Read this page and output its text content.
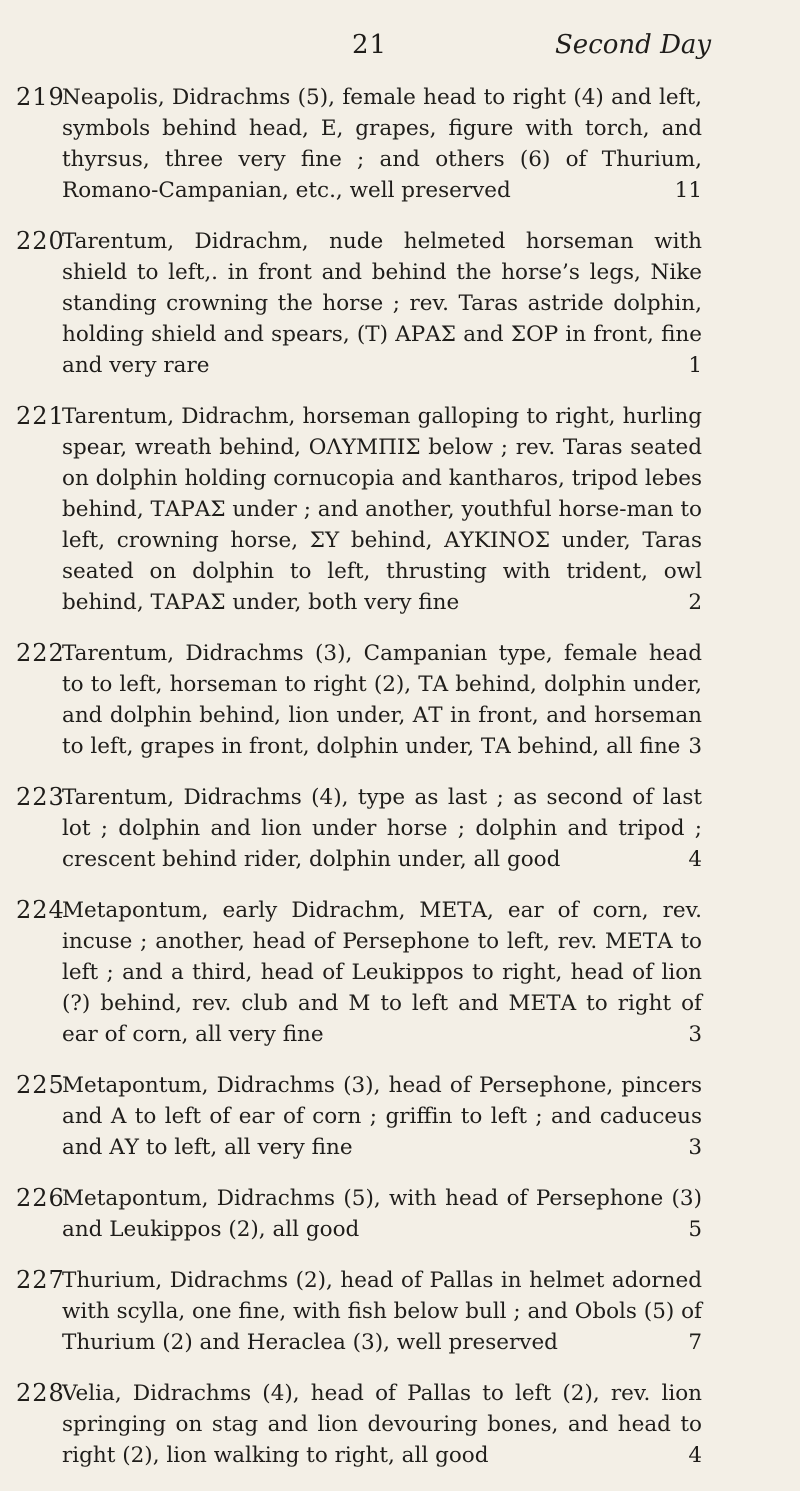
21	Second Day
219
Neapolis, Didrachms (5), female head to right (4) and left, symbols behind head, E, grapes, figure with torch, and thyrsus, three very fine ; and others (6) of Thurium, Romano-Campanian, etc., well preserved	11
220
Tarentum, Didrachm, nude helmeted horseman with shield to left,. in front and behind the horse’s legs, Nike standing crowning the horse ; rev. Taras astride dolphin, holding shield and spears, (T) ΑΡΑΣ and ΣΟΡ in front, fine and very rare	1
221
Tarentum, Didrachm, horseman galloping to right, hurling spear, wreath behind, ΟΛΥΜΠΙΣ below ; rev. Taras seated on dolphin holding cornucopia and kantharos, tripod lebes behind, ΤΑΡΑΣ under ; and another, youthful horse-man to left, crowning horse, ΣΥ behind, ΑΥΚΙΝΟΣ under, Taras seated on dolphin to left, thrusting with trident, owl behind, ΤΑΡΑΣ under, both very fine	2
222
Tarentum, Didrachms (3), Campanian type, female head to to left, horseman to right (2), ΤΑ behind, dolphin under, and dolphin behind, lion under, ΑΤ in front, and horseman to left, grapes in front, dolphin under, ΤΑ behind, all fine 3
223
Tarentum, Didrachms (4), type as last ; as second of last lot ; dolphin and lion under horse ; dolphin and tripod ; crescent behind rider, dolphin under, all good	4
224
Metapontum, early Didrachm, ΜΕΤΑ, ear of corn, rev. incuse ; another, head of Persephone to left, rev. ΜΕΤΑ to left ; and a third, head of Leukippos to right, head of lion (?) behind, rev. club and Μ to left and ΜΕΤΑ to right of ear of corn, all very fine	3
225
Metapontum, Didrachms (3), head of Persephone, pincers and Α to left of ear of corn ; griffin to left ; and caduceus and ΑΥ to left, all very fine	3
226
Metapontum, Didrachms (5), with head of Persephone (3) and Leukippos (2), all good	5
227
Thurium, Didrachms (2), head of Pallas in helmet adorned with scylla, one fine, with fish below bull ; and Obols (5) of Thurium (2) and Heraclea (3), well preserved	7
228
Velia, Didrachms (4), head of Pallas to left (2), rev. lion springing on stag and lion devouring bones, and head to right (2), lion walking to right, all good	4
